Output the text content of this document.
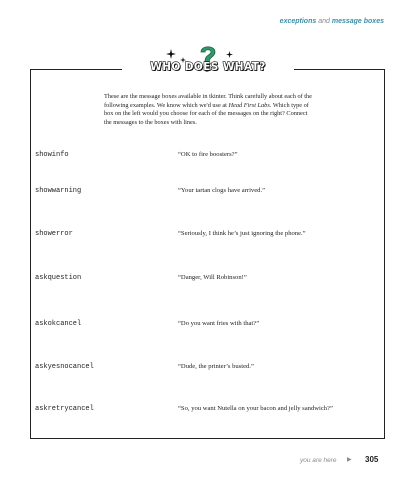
exceptions and message boxes
WHO DOES WHAT?
These are the message boxes available in tkinter. Think carefully about each of the following examples. We know which we'd use at Head First Labs. Which type of box on the left would you choose for each of the messages on the right? Connect the messages to the boxes with lines.
showinfo	“OK to fire boosters?”
showwarning	“Your tartan clogs have arrived.”
showerror	“Seriously, I think he’s just ignoring the phone.”
askquestion	“Danger, Will Robinson!”
askokcancel	“Do you want fries with that?”
askyesnocancel	“Dude, the printer’s busted.”
askretrycancel	“So, you want Nutella on your bacon and jelly sandwich?”
you are here ▶ 305
